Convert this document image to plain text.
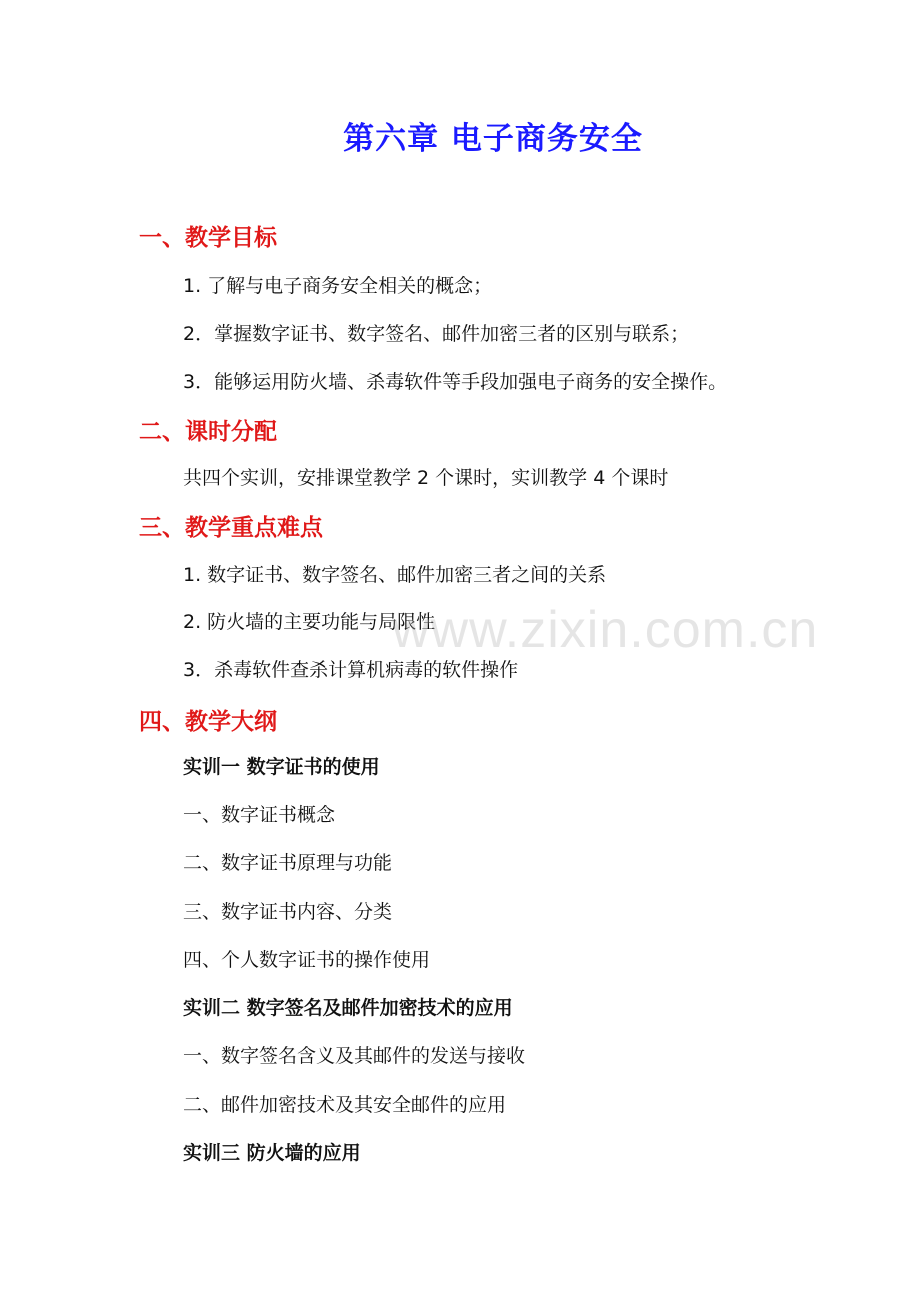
第六章 电子商务安全
一、教学目标
1. 了解与电子商务安全相关的概念；
2．掌握数字证书、数字签名、邮件加密三者的区别与联系；
3．能够运用防火墙、杀毒软件等手段加强电子商务的安全操作。
二、课时分配
共四个实训，安排课堂教学 2 个课时，实训教学 4 个课时
三、教学重点难点
1. 数字证书、数字签名、邮件加密三者之间的关系
2. 防火墙的主要功能与局限性
3．杀毒软件查杀计算机病毒的软件操作
四、教学大纲
实训一 数字证书的使用
一、数字证书概念
二、数字证书原理与功能
三、数字证书内容、分类
四、个人数字证书的操作使用
实训二 数字签名及邮件加密技术的应用
一、数字签名含义及其邮件的发送与接收
二、邮件加密技术及其安全邮件的应用
实训三 防火墙的应用
www.zixin.com.cn
